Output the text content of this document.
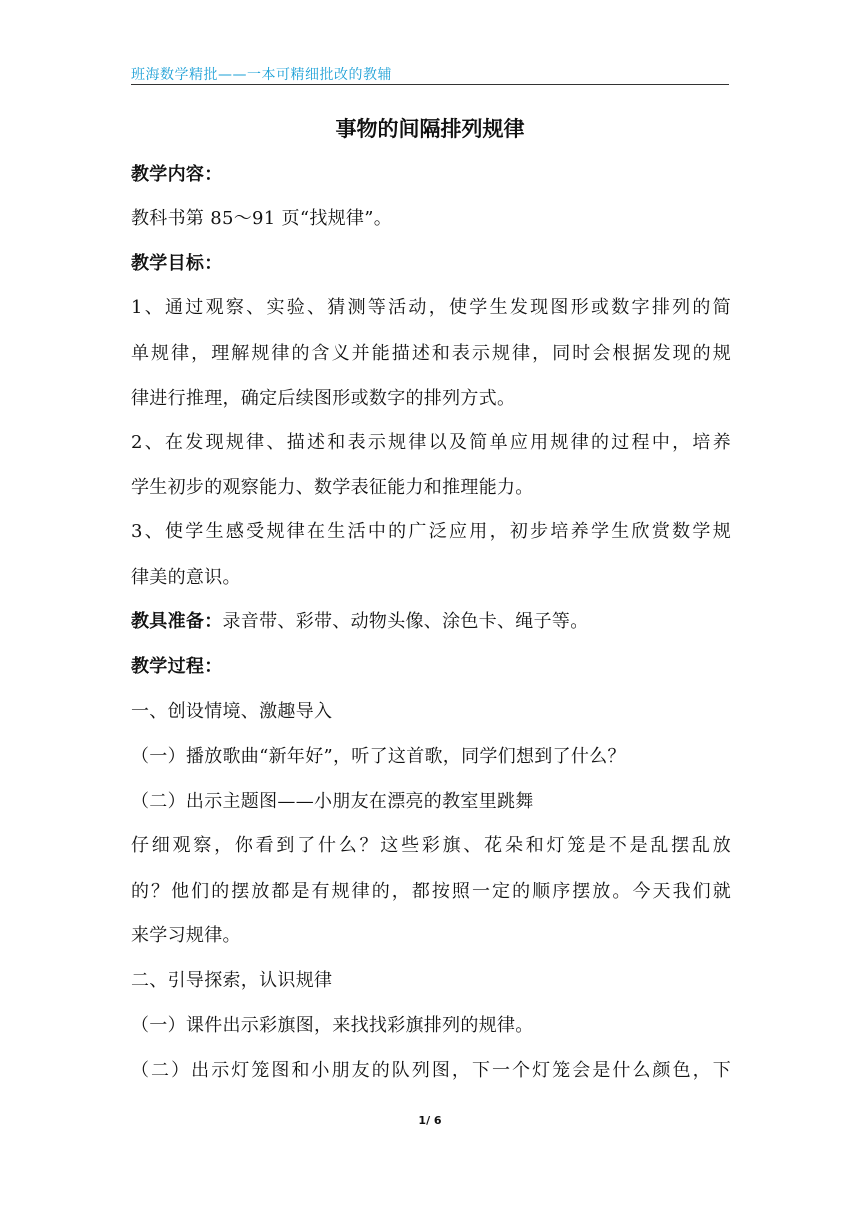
班海数学精批——一本可精细批改的教辅
事物的间隔排列规律
教学内容：
教科书第 85～91 页“找规律”。
教学目标：
1、通过观察、实验、猜测等活动，使学生发现图形或数字排列的简
单规律，理解规律的含义并能描述和表示规律，同时会根据发现的规
律进行推理，确定后续图形或数字的排列方式。
2、在发现规律、描述和表示规律以及简单应用规律的过程中，培养
学生初步的观察能力、数学表征能力和推理能力。
3、使学生感受规律在生活中的广泛应用，初步培养学生欣赏数学规
律美的意识。
教具准备：录音带、彩带、动物头像、涂色卡、绳子等。
教学过程：
一、创设情境、激趣导入
（一）播放歌曲“新年好”，听了这首歌，同学们想到了什么？
（二）出示主题图——小朋友在漂亮的教室里跳舞
仔细观察，你看到了什么？这些彩旗、花朵和灯笼是不是乱摆乱放
的？他们的摆放都是有规律的，都按照一定的顺序摆放。今天我们就
来学习规律。
二、引导探索，认识规律
（一）课件出示彩旗图，来找找彩旗排列的规律。
（二）出示灯笼图和小朋友的队列图，下一个灯笼会是什么颜色，下
1/ 6
